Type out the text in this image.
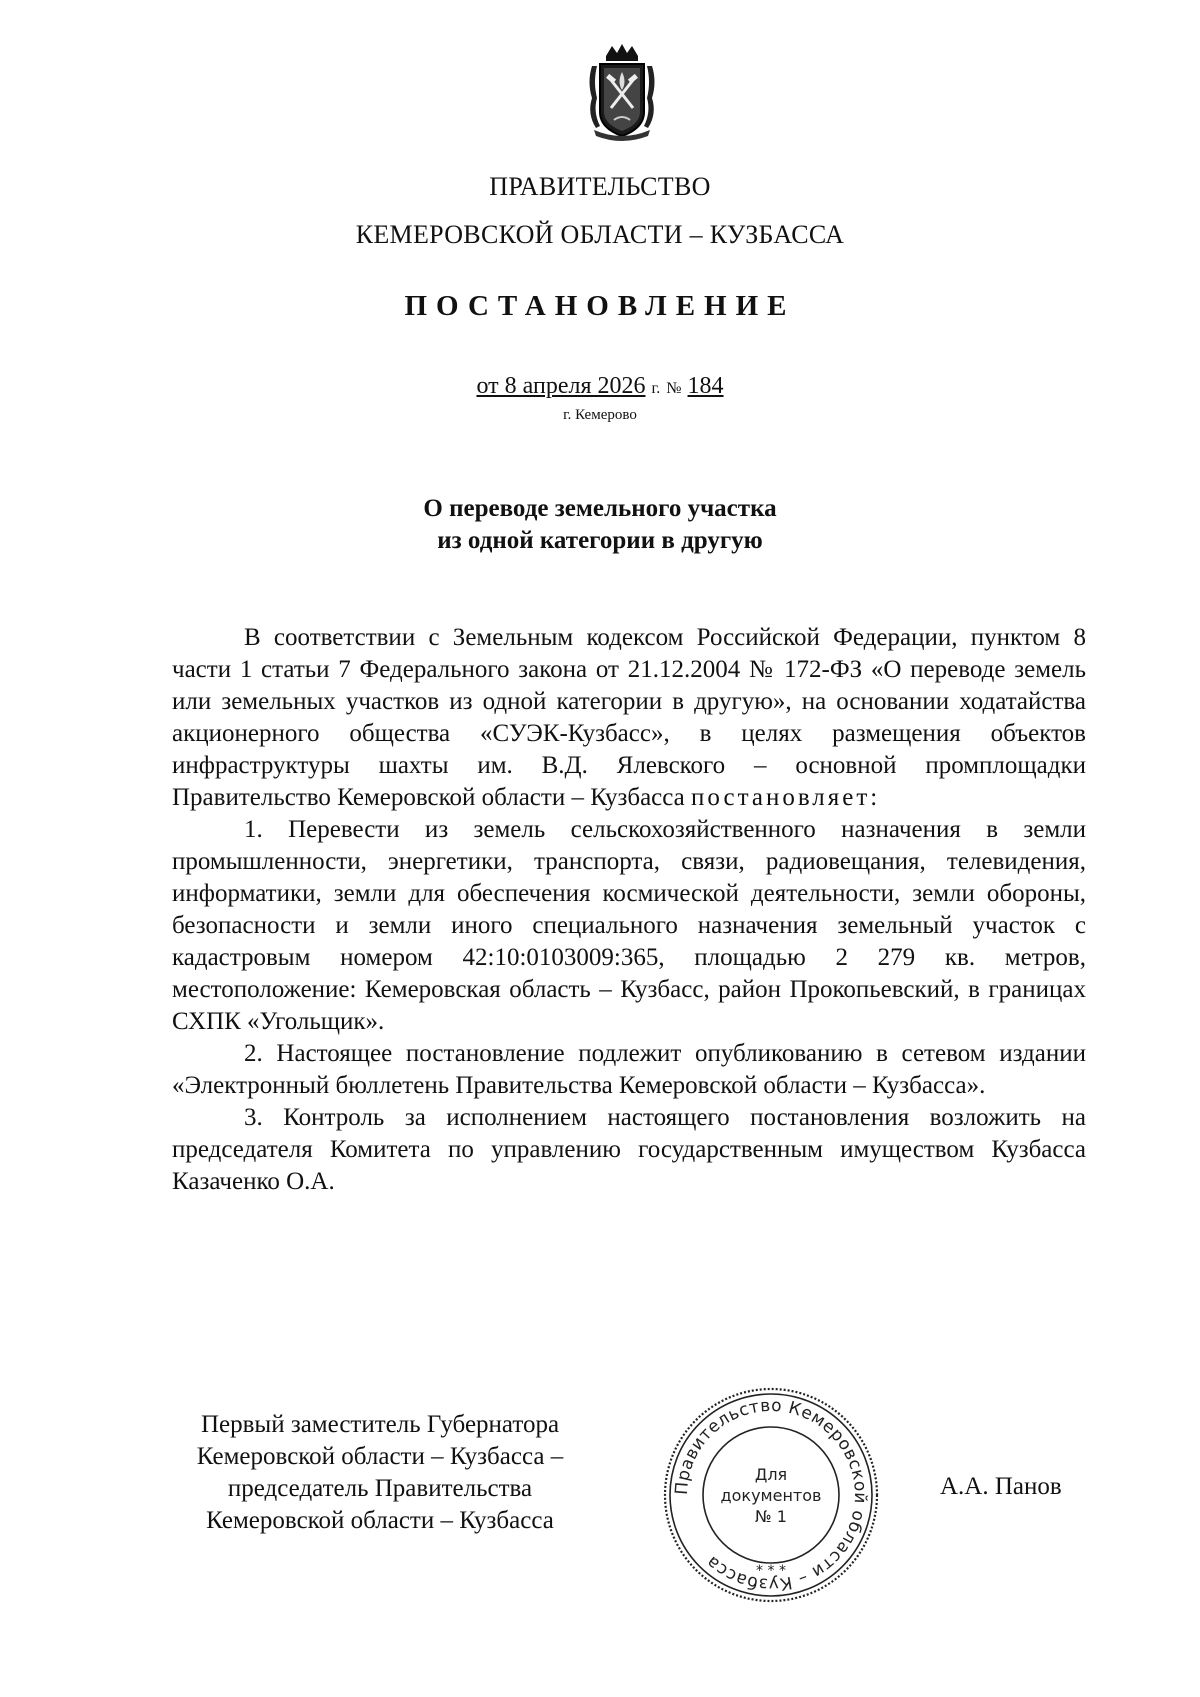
ПРАВИТЕЛЬСТВО
КЕМЕРОВСКОЙ ОБЛАСТИ – КУЗБАССА
ПОСТАНОВЛЕНИЕ
от 8 апреля 2026 г. № 184
г. Кемерово
О переводе земельного участка
из одной категории в другую

В соответствии с Земельным кодексом Российской Федерации, пунктом 8 части 1 статьи 7 Федерального закона от 21.12.2004 № 172-ФЗ «О переводе земель или земельных участков из одной категории в другую», на основании ходатайства акционерного общества «СУЭК-Кузбасс», в целях размещения объектов инфраструктуры шахты им. В.Д. Ялевского – основной промплощадки Правительство Кемеровской области – Кузбасса постановляет:

1. Перевести из земель сельскохозяйственного назначения в земли промышленности, энергетики, транспорта, связи, радиовещания, телевидения, информатики, земли для обеспечения космической деятельности, земли обороны, безопасности и земли иного специального назначения земельный участок с кадастровым номером 42:10:0103009:365, площадью 2 279 кв. метров, местоположение: Кемеровская область – Кузбасс, район Прокопьевский, в границах СХПК «Угольщик».

2. Настоящее постановление подлежит опубликованию в сетевом издании «Электронный бюллетень Правительства Кемеровской области – Кузбасса».

3. Контроль за исполнением настоящего постановления возложить на председателя Комитета по управлению государственным имуществом Кузбасса Казаченко О.А.

Первый заместитель Губернатора
Кемеровской области – Кузбасса –
председатель Правительства
Кемеровской области – Кузбасса
Правительство Кемеровской области – Кузбасса
Для
документов
№ 1
* * *
А.А. Панов
